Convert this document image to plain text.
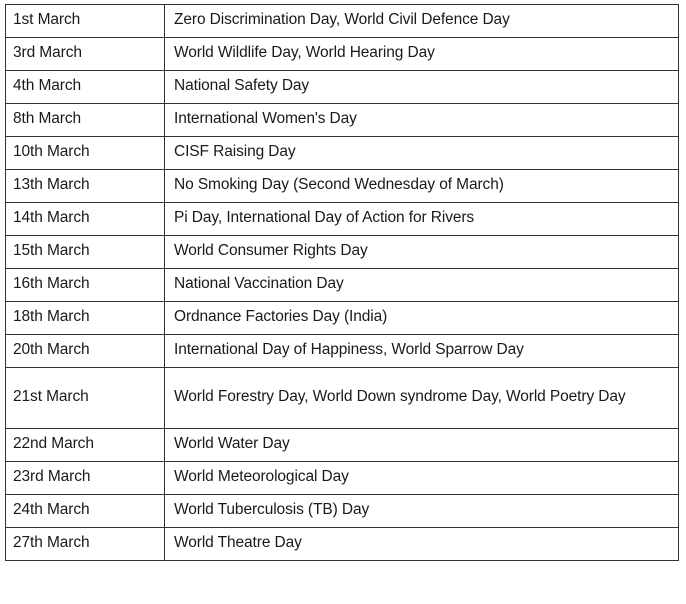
1st March	Zero Discrimination Day, World Civil Defence Day
3rd March	World Wildlife Day, World Hearing Day
4th March	National Safety Day
8th March	International Women's Day
10th March	CISF Raising Day
13th March	No Smoking Day (Second Wednesday of March)
14th March	Pi Day, International Day of Action for Rivers
15th March	World Consumer Rights Day
16th March	National Vaccination Day
18th March	Ordnance Factories Day (India)
20th March	International Day of Happiness, World Sparrow Day
21st March	World Forestry Day, World Down syndrome Day, World Poetry Day
22nd March	World Water Day
23rd March	World Meteorological Day
24th March	World Tuberculosis (TB) Day
27th March	World Theatre Day
